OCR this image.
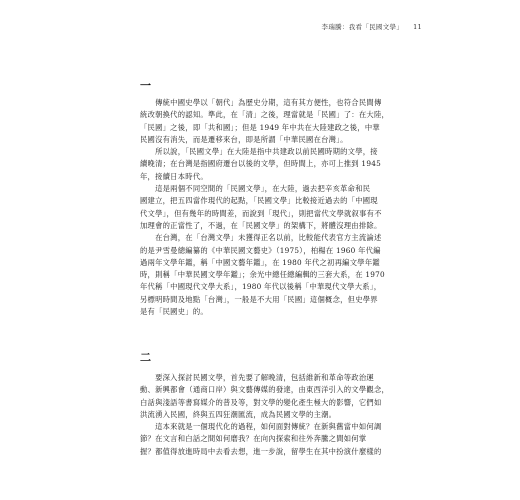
李瑞騰：我看「民國文學」 11
一

　　傳統中國史學以「朝代」為歷史分期，這有其方便性，也符合民間傳
統改朝換代的認知。準此，在「清」之後，理當就是「民國」了：在大陸，
「民國」之後，即「共和國」；但是 1949 年中共在大陸建政之後，中華
民國沒有消失，而是遷移來台，即是所謂「中華民國在台灣」。

　　所以說，「民國文學」在大陸是指中共建政以前民國時期的文學，接
續晚清；在台灣是指國府遷台以後的文學，但時間上，亦可上推到 1945
年，接續日本時代。

　　這是兩個不同空間的「民國文學」，在大陸，過去把辛亥革命和民
國建立，把五四當作現代的起點，「民國文學」比較接近過去的「中國現
代文學」，但有幾年的時間差，而說到「現代」，則把當代文學就叙事有不
加理會的正當性了，不過，在「民國文學」的架構下，將體沒理由排除。

　　在台灣，在「台灣文學」未獲得正名以前，比較能代表官方主流論述
的是尹雪曼總編纂的《中華民國文藝史》（1975），柏楊在 1960 年代編
過兩年文學年鑑，稱「中國文藝年鑑」，在 1980 年代之初再編文學年鑑
時，則稱「中華民國文學年鑑」；余光中總任總編輯的三套大系，在 1970
年代稱「中國現代文學大系」，1980 年代以後稱「中華現代文學大系」，
另標明時間及地點「台灣」，一般是不大用「民國」這個概念，但史學界
是有「民國史」的。

二

　　要深入探討民國文學，首先要了解晚清，包括維新和革命等政治運
動、新興都會（通商口岸）與文藝傳媒的發達，由東西洋引入的文學觀念，
白話與淺語等書寫媒介的普及等，對文學的變化產生極大的影響，它們如
洪流湧入民國，終與五四狂潮匯流，成為民國文學的主潮。

　　這本來就是一個現代化的過程，如何面對傳統？在新與舊當中如何調
節？在文言和白話之間如何磨我？在向內探索和往外奔騰之間如何掌
握？都值得放進時局中去看去想，進一步說，留學生在其中扮演什麼樣的
